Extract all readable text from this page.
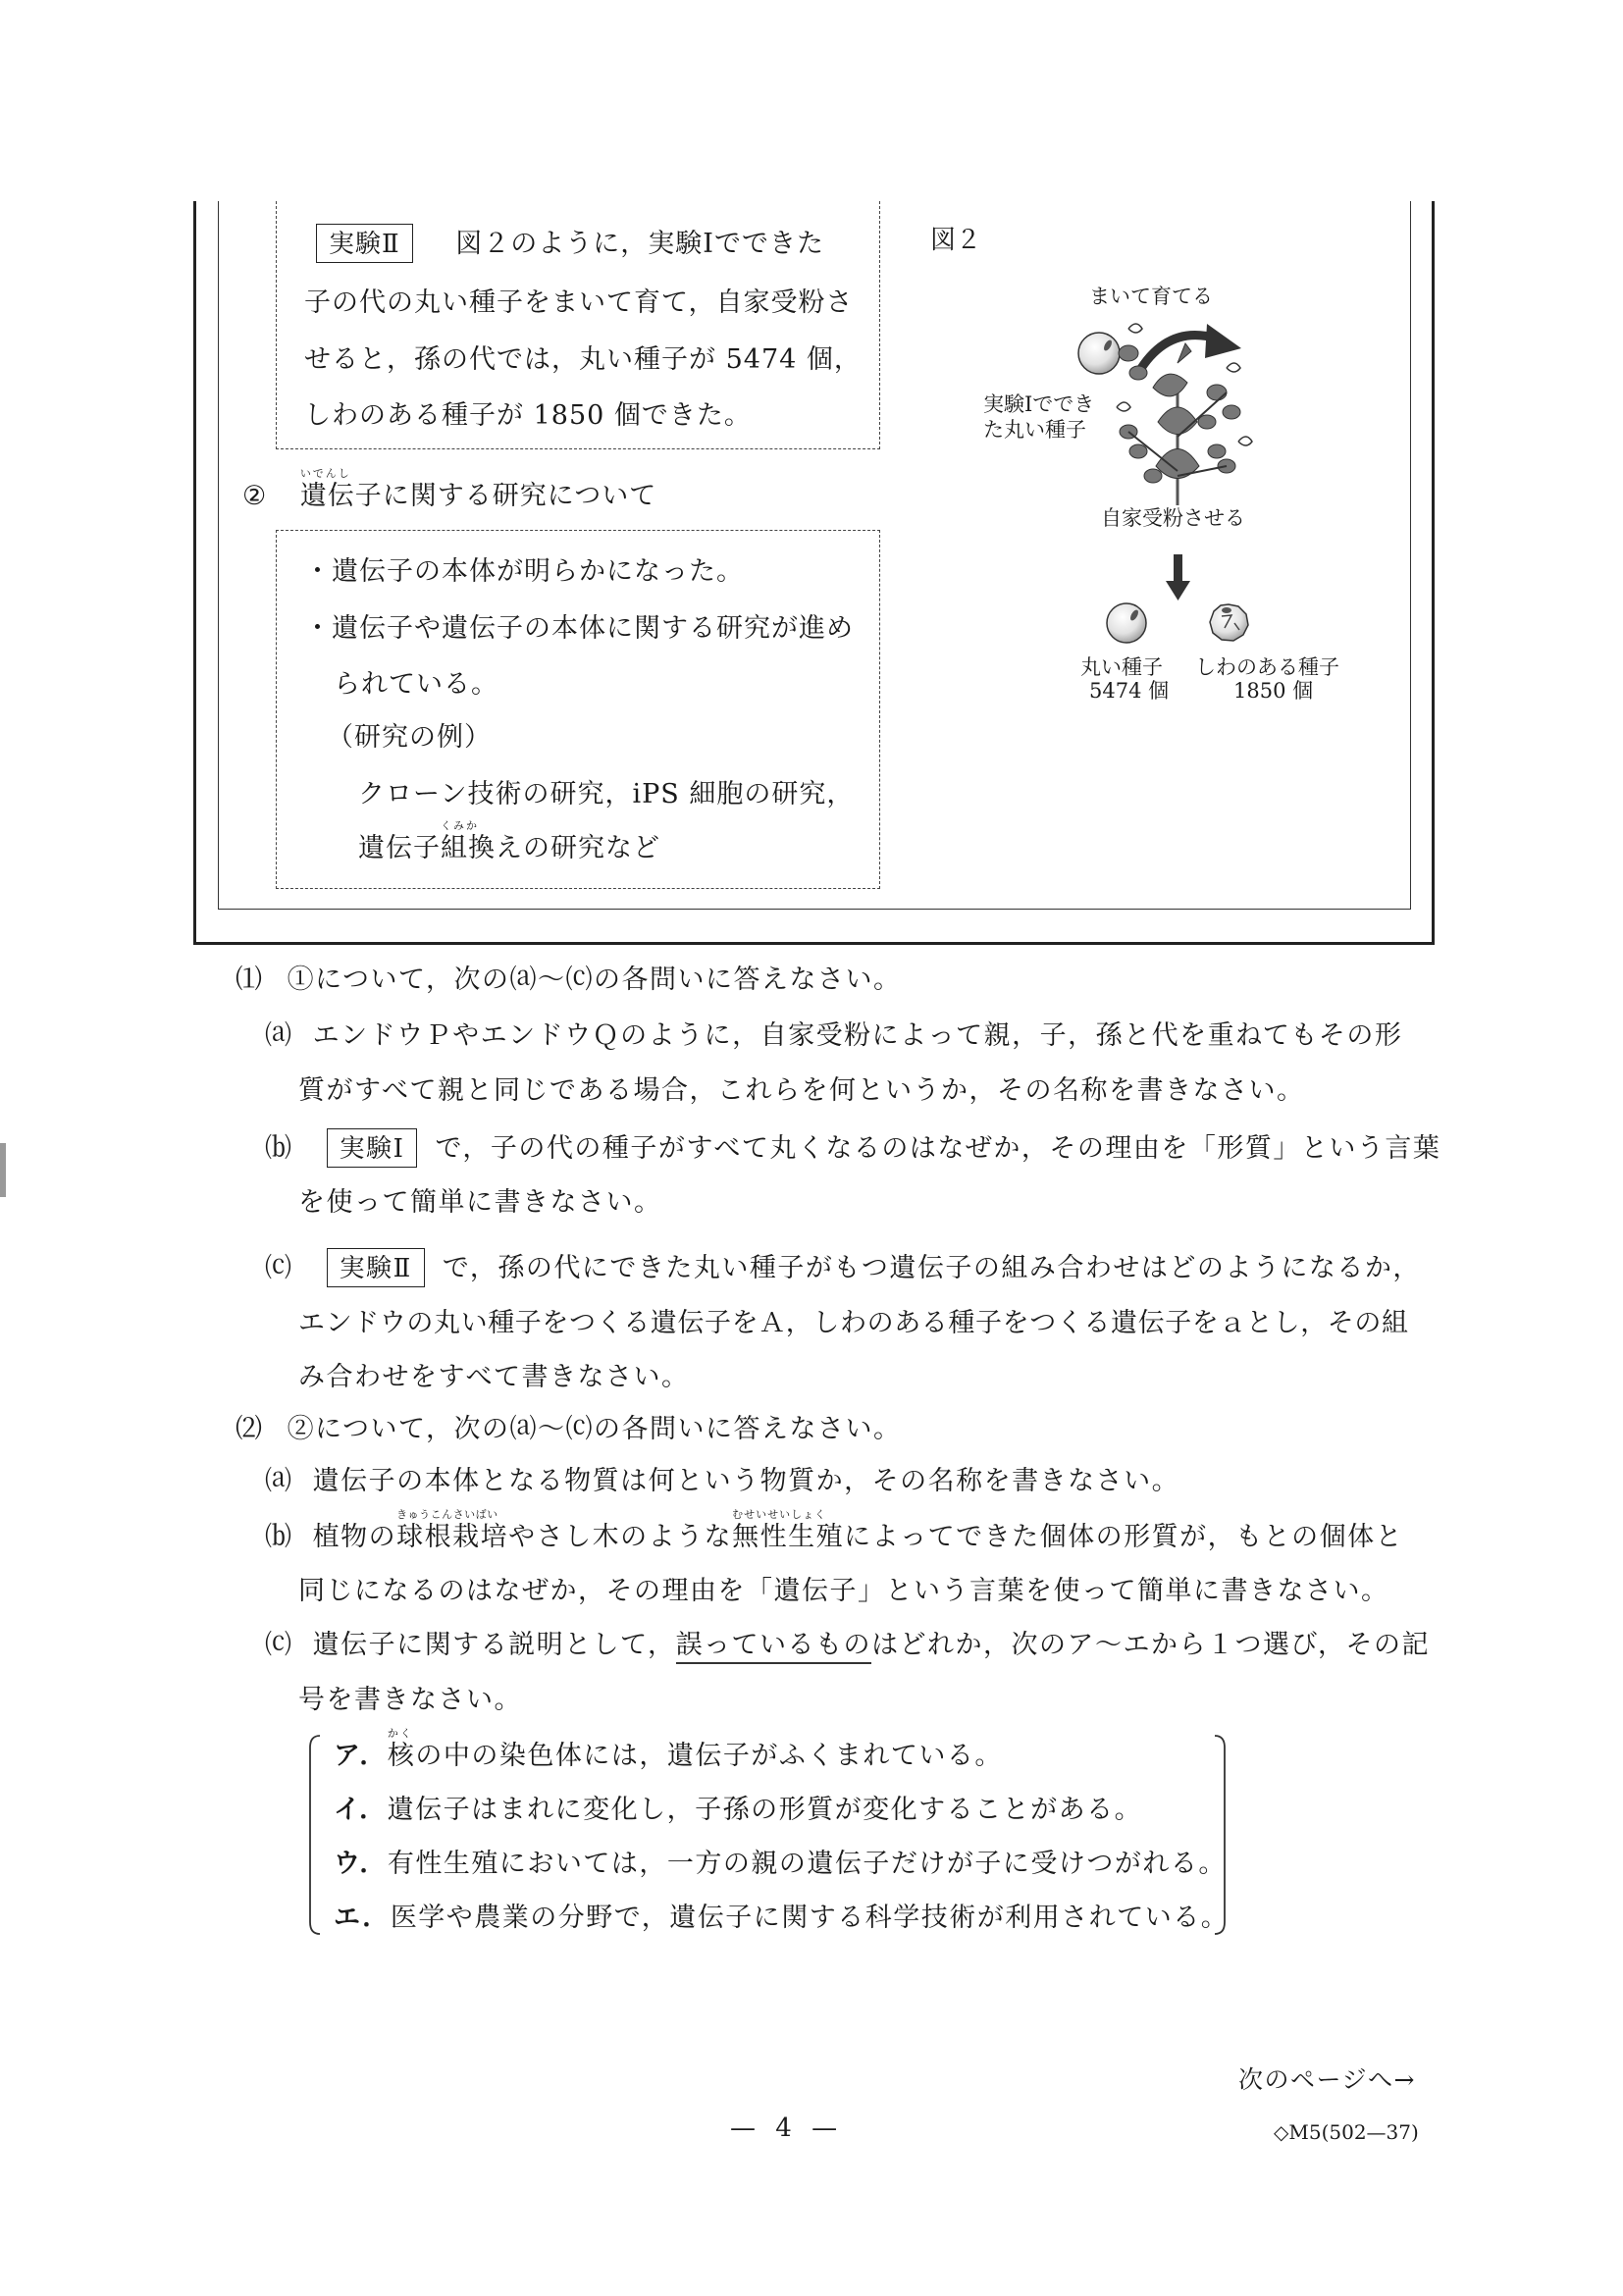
実験Ⅱ 図２のように，実験Ⅰでできた
子の代の丸い種子をまいて育て，自家受粉さ
せると，孫の代では，丸い種子が 5474 個，
しわのある種子が 1850 個できた。
②
いでんし
遺伝子に関する研究について
・遺伝子の本体が明らかになった。
・遺伝子や遺伝子の本体に関する研究が進め
られている。
（研究の例）
クローン技術の研究，iPS 細胞の研究，
遺伝子
くみか
組換えの研究など
図２
まいて育てる
実験Ⅰででき
た丸い種子
自家受粉させる
丸い種子
5474 個
しわのある種子
1850 個
⑴ ①について，次の⒜〜⒞の各問いに答えなさい。
⒜ エンドウＰやエンドウＱのように，自家受粉によって親，子，孫と代を重ねてもその形
質がすべて親と同じである場合，これらを何というか，その名称を書きなさい。
⒝ 実験Ⅰ で，子の代の種子がすべて丸くなるのはなぜか，その理由を「形質」という言葉
を使って簡単に書きなさい。
⒞ 実験Ⅱ で，孫の代にできた丸い種子がもつ遺伝子の組み合わせはどのようになるか，
エンドウの丸い種子をつくる遺伝子をＡ，しわのある種子をつくる遺伝子をａとし，その組
み合わせをすべて書きなさい。
⑵ ②について，次の⒜〜⒞の各問いに答えなさい。
⒜ 遺伝子の本体となる物質は何という物質か，その名称を書きなさい。
⒝ 植物の
きゅうこんさいばい
球根栽培やさし木のような
むせいせいしょく
無性生殖によってできた個体の形質が，もとの個体と
同じになるのはなぜか，その理由を「遺伝子」という言葉を使って簡単に書きなさい。
⒞ 遺伝子に関する説明として，誤っているものはどれか，次のア〜エから１つ選び，その記
号を書きなさい。
ア．
かく
核の中の染色体には，遺伝子がふくまれている。
イ．遺伝子はまれに変化し，子孫の形質が変化することがある。
ウ．有性生殖においては，一方の親の遺伝子だけが子に受けつがれる。
エ．医学や農業の分野で，遺伝子に関する科学技術が利用されている。
次のページへ→
— 4 —	◇M5(502—37)
